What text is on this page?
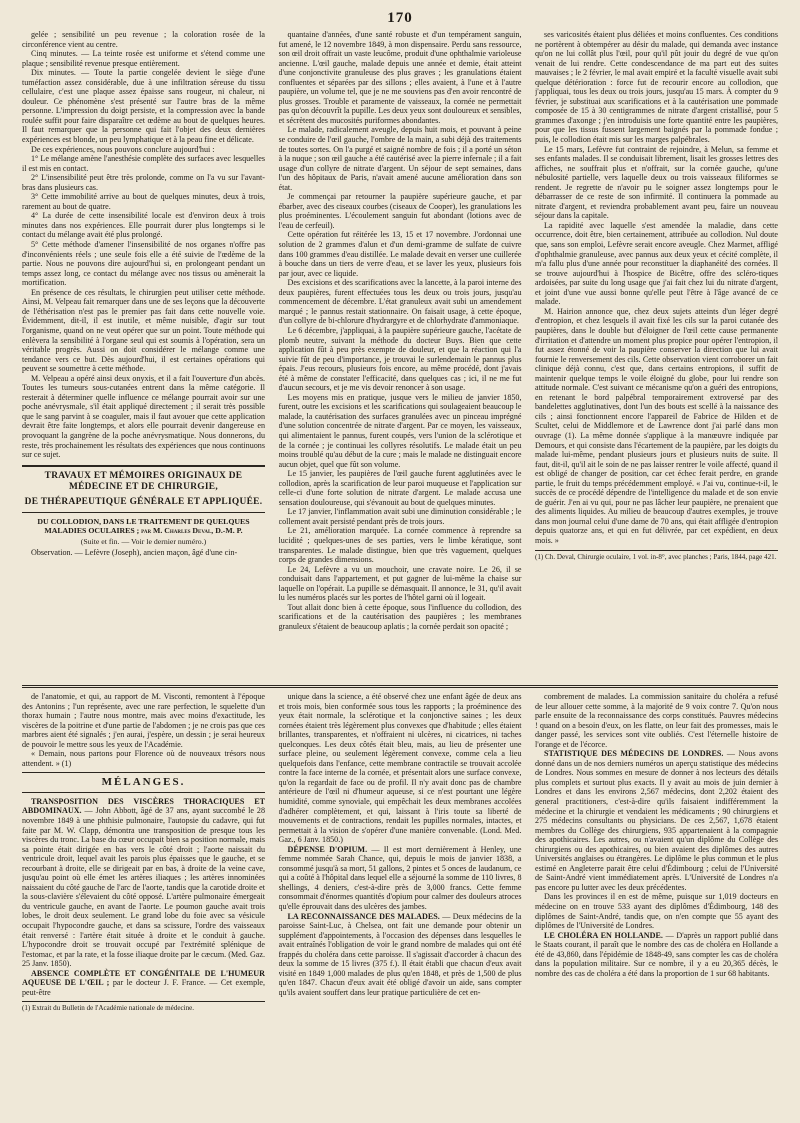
170

gelée ; sensibilité un peu revenue ; la coloration rosée de la circonférence vient au centre.

Cinq minutes. — La teinte rosée est uniforme et s'étend comme une plaque ; sensibilité revenue presque entièrement.

Dix minutes. — Toute la partie congelée devient le siège d'une tuméfaction assez considérable, due à une infiltration séreuse du tissu cellulaire, c'est une plaque assez épaisse sans rougeur, ni chaleur, ni douleur. Ce phénomène s'est présenté sur l'autre bras de la même personne. L'impression du doigt persiste, et la compression avec la bande roulée suffit pour faire disparaître cet œdème au bout de quelques heures. Il faut remarquer que la personne qui fait l'objet des deux dernières expériences est blonde, un peu lymphatique et à la peau fine et délicate.

De ces expériences, nous pouvons conclure aujourd'hui :

1° Le mélange amène l'anesthésie complète des surfaces avec lesquelles il est mis en contact.

2° L'insensibilité peut être très prolonde, comme on l'a vu sur l'avant-bras dans plusieurs cas.

3° Cette immobilité arrive au bout de quelques minutes, deux à trois, rarement au bout de quatre.

4° La durée de cette insensibilité locale est d'environ deux à trois minutes dans nos expériences. Elle pourrait durer plus longtemps si le contact du mélange avait été plus prolongé.

5° Cette méthode d'amener l'insensibilité de nos organes n'offre pas d'inconvénients réels ; une seule fois elle a été suivie de l'œdème de la partie. Nous ne pouvons dire aujourd'hui si, en prolongeant pendant un temps assez long, ce contact du mélange avec nos tissus ou amènerait la mortification.

En présence de ces résultats, le chirurgien peut utiliser cette méthode. Ainsi, M. Velpeau fait remarquer dans une de ses leçons que la découverte de l'éthérisation n'est pas le premier pas fait dans cette nouvelle voie. Évidemment, dit-il, il est inutile, et même nuisible, d'agir sur tout l'organisme, quand on ne veut opérer que sur un point. Toute méthode qui enlèvera la sensibilité à l'organe seul qui est soumis à l'opération, sera un véritable progrès. Aussi on doit considérer le mélange comme une tendance vers ce but. Dès aujourd'hui, il est certaines opérations qui peuvent se soumettre à cette méthode.

M. Velpeau a opéré ainsi deux onyxis, et il a fait l'ouverture d'un abcès. Toutes les tumeurs sous-cutanées entrent dans la même catégorie. Il resterait à déterminer quelle influence ce mélange pourrait avoir sur une poche anévrysmale, s'il était appliqué directement ; il serait très possible que le sang parvint à se coaguler, mais il faut avouer que cette application devrait être faite longtemps, et alors elle pourrait devenir dangereuse en provoquant la gangrène de la poche anévrysmatique. Nous donnerons, du reste, très prochainement les résultats des expériences que nous continuons sur ce sujet.

TRAVAUX ET MÉMOIRES ORIGINAUX DE MÉDECINE ET DE CHIRURGIE,
DE THÉRAPEUTIQUE GÉNÉRALE ET APPLIQUÉE.
DU COLLODION, DANS LE TRAITEMENT DE QUELQUES MALADIES OCULAIRES ; par M. Charles Deval, D.-M. P.
(Suite et fin. — Voir le dernier numéro.)

Observation. — Lefèvre (Joseph), ancien maçon, âgé d'une cin-

quantaine d'années, d'une santé robuste et d'un tempérament sanguin, fut amené, le 12 novembre 1849, à mon dispensaire. Perdu sans ressource, son œil droit offrait un vaste leucôme, produit d'une ophthalmie varioleuse ancienne. L'œil gauche, malade depuis une année et demie, était atteint d'une conjonctivite granuleuse des plus graves ; les granulations étaient confluentes et séparées par des sillons ; elles avaient, à l'une et à l'autre paupière, un volume tel, que je ne me souviens pas d'en avoir rencontré de plus grosses. Trouble et paramente de vaisseaux, la cornée ne permettait pas qu'on découvrît la pupille. Les deux yeux sont douloureux et sensibles, et sécrètent des mucosités puriformes abondantes.

Le malade, radicalement aveugle, depuis huit mois, et pouvant à peine se conduire de l'œil gauche, l'ombre de la main, a subi déjà des traitements de toutes sortes. On l'a purgé et saigné nombre de fois ; il a porté un séton à la nuque ; son œil gauche a été cautérisé avec la pierre infernale ; il a fait usage d'un collyre de nitrate d'argent. Un séjour de sept semaines, dans l'un des hôpitaux de Paris, n'avait amené aucune amélioration dans son état.

Je commençai par retourner la paupière supérieure gauche, et par ébarber, avec des ciseaux courbes (ciseaux de Cooper), les granulations les plus proéminentes. L'écoulement sanguin fut abondant (lotions avec de l'eau de cerfeuil).

Cette opération fut réitérée les 13, 15 et 17 novembre. J'ordonnai une solution de 2 grammes d'alun et d'un demi-gramme de sulfate de cuivre dans 100 grammes d'eau distillée. Le malade devait en verser une cuillerée à bouche dans un tiers de verre d'eau, et se laver les yeux, plusieurs fois par jour, avec ce liquide.

Des excisions et des scarifications avec la lancette, à la paroi interne des deux paupières, furent effectuées tous les deux ou trois jours, jusqu'au commencement de décembre. L'état granuleux avait subi un amendement marqué ; le pannus restait stationnaire. On faisait usage, à cette époque, d'un collyre de bi-chlorure d'hydrargyre et de chlorhydrate d'ammoniaque.

Le 6 décembre, j'appliquai, à la paupière supérieure gauche, l'acétate de plomb neutre, suivant la méthode du docteur Buys. Bien que cette application fût à peu près exempte de douleur, et que la réaction qui l'a suivie fût de peu d'importance, je trouvai le surlendemain le pannus plus épais. J'eus recours, plusieurs fois encore, au même procédé, dont j'avais été à même de constater l'efficacité, dans quelques cas ; ici, il ne me fut d'aucun secours, et je me vis devoir renoncer à son usage.

Les moyens mis en pratique, jusque vers le milieu de janvier 1850, furent, outre les excisions et les scarifications qui soulageaient beaucoup le malade, la cautérisation des surfaces granulées avec un pinceau imprégné d'une solution concentrée de nitrate d'argent. Par ce moyen, les vaisseaux, qui alimentaient le pannus, furent coupés, vers l'union de la sclérotique et de la cornée ; je continuai les collyres résolutifs. Le malade était un peu moins troublé qu'au début de la cure ; mais le malade ne distinguait encore aucun objet, quel que fût son volume.

Le 15 janvier, les paupières de l'œil gauche furent agglutinées avec le collodion, après la scarification de leur paroi muqueuse et l'application sur celle-ci d'une forte solution de nitrate d'argent. Le malade accusa une sensation douloureuse, qui s'évanouit au bout de quelques minutes.

Le 17 janvier, l'inflammation avait subi une diminution considérable ; le collement avait persisté pendant près de trois jours.

Le 21, amélioration marquée. La cornée commence à reprendre sa lucidité ; quelques-unes de ses parties, vers le limbe kératique, sont transparentes. Le malade distingue, bien que très vaguement, quelques corps de grandes dimensions.

Le 24, Lefèvre a vu un mouchoir, une cravate noire. Le 26, il se conduisait dans l'appartement, et put gagner de lui-même la chaise sur laquelle on l'opérait. La pupille se démasquait. Il annonce, le 31, qu'il avait lu les numéros placés sur les portes de l'hôtel garni où il logeait.

Tout allait donc bien à cette époque, sous l'influence du collodion, des scarifications et de la cautérisation des paupières ; les membranes granuleux s'étaient de beaucoup aplatis ; la cornée perdait son opacité ;

ses varicosités étaient plus déliées et moins confluentes. Ces conditions ne portèrent à obtempérer au désir du malade, qui demanda avec instance qu'on ne lui collât plus l'œil, pour qu'il pût jouir du degré de vue qu'on venait de lui rendre. Cette condescendance de ma part eut des suites mauvaises ; le 2 février, le mal avait empiré et la faculté visuelle avait subi quelque détérioration : force fut de recourir encore au collodion, que j'appliquai, tous les deux ou trois jours, jusqu'au 15 mars. À compter du 9 février, je substituai aux scarifications et à la cautérisation une pommade composée de 15 à 30 centigrammes de nitrate d'argent cristallisé, pour 5 grammes d'axonge ; j'en introduisis une forte quantité entre les paupières, pour que les tissus fussent largement baignés par la pommade fondue ; puis, le collodion était mis sur les marges palpébrales.

Le 15 mars, Lefèvre fut contraint de rejoindre, à Melun, sa femme et ses enfants malades. Il se conduisait librement, lisait les grosses lettres des affiches, ne souffrait plus et n'offrait, sur la cornée gauche, qu'une nébulosité partielle, vers laquelle deux ou trois vaisseaux filiformes se rendent. Je regrette de n'avoir pu le soigner assez longtemps pour le débarrasser de ce reste de son infirmité. Il continuera la pommade au nitrate d'argent, et reviendra probablement avant peu, faire un nouveau séjour dans la capitale.

La rapidité avec laquelle s'est amendée la maladie, dans cette occurrence, doit être, bien certainement, attribuée au collodion. Nul doute que, sans son emploi, Lefèvre serait encore aveugle. Chez Marmet, affligé d'ophthalmie granuleuse, avec pannus aux deux yeux et cécité complète, il m'a fallu plus d'une année pour reconstituer la diaphanéité des cornées. Il se trouve aujourd'hui à l'hospice de Bicêtre, offre des scléro-tiques ardoisées, par suite du long usage que j'ai fait chez lui du nitrate d'argent, et joint d'une vue aussi bonne qu'elle peut l'être à l'âge avancé de ce malade.

M. Hairion annonce que, chez deux sujets atteints d'un léger degré d'entropion, et chez lesquels il avait fixé les cils sur la paroi cutanée des paupières, dans le double but d'éloigner de l'œil cette cause permanente d'irritation et d'attendre un moment plus propice pour opérer l'entropion, il fut assez étonné de voir la paupière conserver la direction que lui avait fournie le renversement des cils. Cette observation vient corroborer un fait clinique déjà connu, c'est que, dans certains entropions, il suffit de maintenir quelque temps le voile éloigné du globe, pour lui rendre son attitude normale. C'est suivant ce mécanisme qu'on a guéri des entropions, en retenant le bord palpébral temporairement extroversé par des bandelettes agglutinatives, dont l'un des bouts est scellé à la naissance des cils ; ainsi fonctionnent encore l'appareil de Fabrice de Hilden et de Scultet, celui de Middlemore et de Lawrence dont j'ai parlé dans mon ouvrage (1). La même donnée s'applique à la manœuvre indiquée par Demours, et qui consiste dans l'écartement de la paupière, par les doigts du malade lui-même, pendant plusieurs jours et plusieurs nuits de suite. Il faut, dit-il, qu'il ait le soin de ne pas laisser rentrer le voile affecté, quand il est obligé de changer de position, car cet échec ferait perdre, en grande partie, le fruit du temps précédemment employé. « J'ai vu, continue-t-il, le succès de ce procédé dépendre de l'intelligence du malade et de son envie de guérir. J'en ai vu qui, pour ne pas lâcher leur paupière, ne prenaient que des aliments liquides. Au milieu de beaucoup d'autres exemples, je trouve dans mon journal celui d'une dame de 70 ans, qui était affligée d'entropion depuis quatorze ans, et qui en fut délivrée, par cet expédient, en deux mois. »

(1) Ch. Deval, Chirurgie oculaire, 1 vol. in-8°, avec planches ; Paris, 1844, page 421.

de l'anatomie, et qui, au rapport de M. Visconti, remontent à l'époque des Antonins ; l'un représente, avec une rare perfection, le squelette d'un thorax humain ; l'autre nous montre, mais avec moins d'exactitude, les viscères de la poitrine et d'une partie de l'abdomen ; je ne crois pas que ces marbres aient été signalés ; j'en aurai, j'espère, un dessin ; je serai heureux de pouvoir le mettre sous les yeux de l'Académie.

« Demain, nous partons pour Florence où de nouveaux trésors nous attendent. » (1)

MÉLANGES.

TRANSPOSITION DES VISCÈRES THORACIQUES ET ABDOMINAUX. — John Abbott, âgé de 37 ans, ayant succombé le 28 novembre 1849 à une phthisie pulmonaire, l'autopsie du cadavre, qui fut faite par M. W. Clapp, démontra une transposition de presque tous les viscères du tronc. La base du cœur occupait bien sa position normale, mais sa pointe était dirigée en bas vers le côté droit ; l'aorte naissait du ventricule droit, lequel avait les parois plus épaisses que le gauche, et se recourbant à droite, elle se dirigeait par en bas, à droite de la veine cave, jusqu'au point où elle émet les artères iliaques ; les artères innominées naissaient du côté gauche de l'arc de l'aorte, tandis que la carotide droite et la sous-clavière s'élevaient du côté opposé. L'artère pulmonaire émergeait du ventricule gauche, en avant de l'aorte. Le poumon gauche avait trois lobes, le droit deux seulement. Le grand lobe du foie avec sa vésicule occupait l'hypocondre gauche, et dans sa scissure, l'ordre des vaisseaux était renversé : l'artère était située à droite et le conduit à gauche. L'hypocondre droit se trouvait occupé par l'extrémité splénique de l'estomac, et par la rate, et la fosse iliaque droite par le cæcum. (Med. Gaz. 25 Janv. 1850).

ABSENCE COMPLÈTE ET CONGÉNITALE DE L'HUMEUR AQUEUSE DE L'ŒIL ; par le docteur J. F. France. — Cet exemple, peut-être

(1) Extrait du Bulletin de l'Académie nationale de médecine.

unique dans la science, a été observé chez une enfant âgée de deux ans et trois mois, bien conformée sous tous les rapports ; la proéminence des yeux était normale, la sclérotique et la conjonctive saines ; les deux cornées étaient très légèrement plus convexes que d'habitude ; elles étaient brillantes, transparentes, et n'offraient ni ulcères, ni cicatrices, ni taches quelconques. Les deux côtés était bleu, mais, au lieu de présenter une surface pleine, ou seulement légèrement convexe, comme cela a lieu quelquefois dans l'enfance, cette membrane contractile se trouvait accolée contre la face interne de la cornée, et présentait alors une surface convexe, qu'on la regardait de face ou de profil. Il n'y avait donc pas de chambre antérieure de l'œil ni d'humeur aqueuse, si ce n'est pourtant une légère humidité, comme synoviale, qui empêchait les deux membranes accolées d'adhérer complètement, et qui, laissant à l'iris toute sa liberté de mouvements et de contractions, rendait les pupilles normales, intactes, et permettait à la vision de s'opérer d'une manière convenable. (Lond. Med. Gaz., 6 Janv. 1850.)

DÉPENSE D'OPIUM. — Il est mort dernièrement à Henley, une femme nommée Sarah Chance, qui, depuis le mois de janvier 1838, a consommé jusqu'à sa mort, 51 gallons, 2 pintes et 5 onces de laudanum, ce qui a coûté à l'hôpital dans lequel elle a séjourné la somme de 110 livres, 8 shellings, 4 deniers, c'est-à-dire près de 3,000 francs. Cette femme consommait d'énormes quantités d'opium pour calmer des douleurs atroces qu'elle éprouvait dans des ulcères des jambes.

LA RECONNAISSANCE DES MALADES. — Deux médecins de la paroisse Saint-Luc, à Chelsea, ont fait une demande pour obtenir un supplément d'appointements, à l'occasion des dépenses dans lesquelles le avait entraînés l'obligation de voir le grand nombre de malades qui ont été frappés du choléra dans cette paroisse. Il s'agissait d'accorder à chacun des deux la somme de 15 livres (375 f.). Il était établi que chacun d'eux avait visité en 1849 1,000 malades de plus qu'en 1848, et près de 1,500 de plus qu'en 1847. Chacun d'eux avait été obligé d'avoir un aide, sans compter qu'ils avaient souffert dans leur pratique particulière de cet en-

combrement de malades. La commission sanitaire du choléra a refusé de leur allouer cette somme, à la majorité de 9 voix contre 7. Qu'on nous parle ensuite de la reconnaissance des corps constitués. Pauvres médecins ! quand on a besoin d'eux, on les flatte, on leur fait des promesses, mais le danger passé, les services sont vite oubliés. C'est l'éternelle histoire de l'orange et de l'écorce.

STATISTIQUE DES MÉDECINS DE LONDRES. — Nous avons donné dans un de nos derniers numéros un aperçu statistique des médecins de Londres. Nous sommes en mesure de donner à nos lecteurs des détails plus complets et surtout plus exacts. Il y avait au mois de juin dernier à Londres et dans les environs 2,567 médecins, dont 2,202 étaient des general practitioners, c'est-à-dire qu'ils faisaient indifféremment la médecine et la chirurgie et vendaient les médicaments ; 90 chirurgiens et 275 médecins consultants ou physicians. De ces 2,567, 1,678 étaient membres du Collège des chirurgiens, 935 appartenaient à la compagnie des apothicaires. Les autres, ou n'avaient qu'un diplôme du Collège des chirurgiens ou des apothicaires, ou bien avaient des diplômes des autres Universités anglaises ou étrangères. Le diplôme le plus commun et le plus estimé en Angleterre parait être celui d'Édimbourg ; celui de l'Université de Saint-André vient immédiatement après. L'Université de Londres n'a pas encore pu lutter avec les deux précédentes.

Dans les provinces il en est de même, puisque sur 1,019 docteurs en médecine on en trouve 533 ayant des diplômes d'Édimbourg, 148 des diplômes de Saint-André, tandis que, on n'en compte que 55 ayant des diplômes de l'Université de Londres.

LE CHOLÉRA EN HOLLANDE. — D'après un rapport publié dans le Staats courant, il paraît que le nombre des cas de choléra en Hollande a été de 43,860, dans l'épidémie de 1848-49, sans compter les cas de choléra dans la population militaire. Sur ce nombre, il y a eu 20,365 décès, le nombre des cas de choléra a été dans la proportion de 1 sur 68 habitants.
